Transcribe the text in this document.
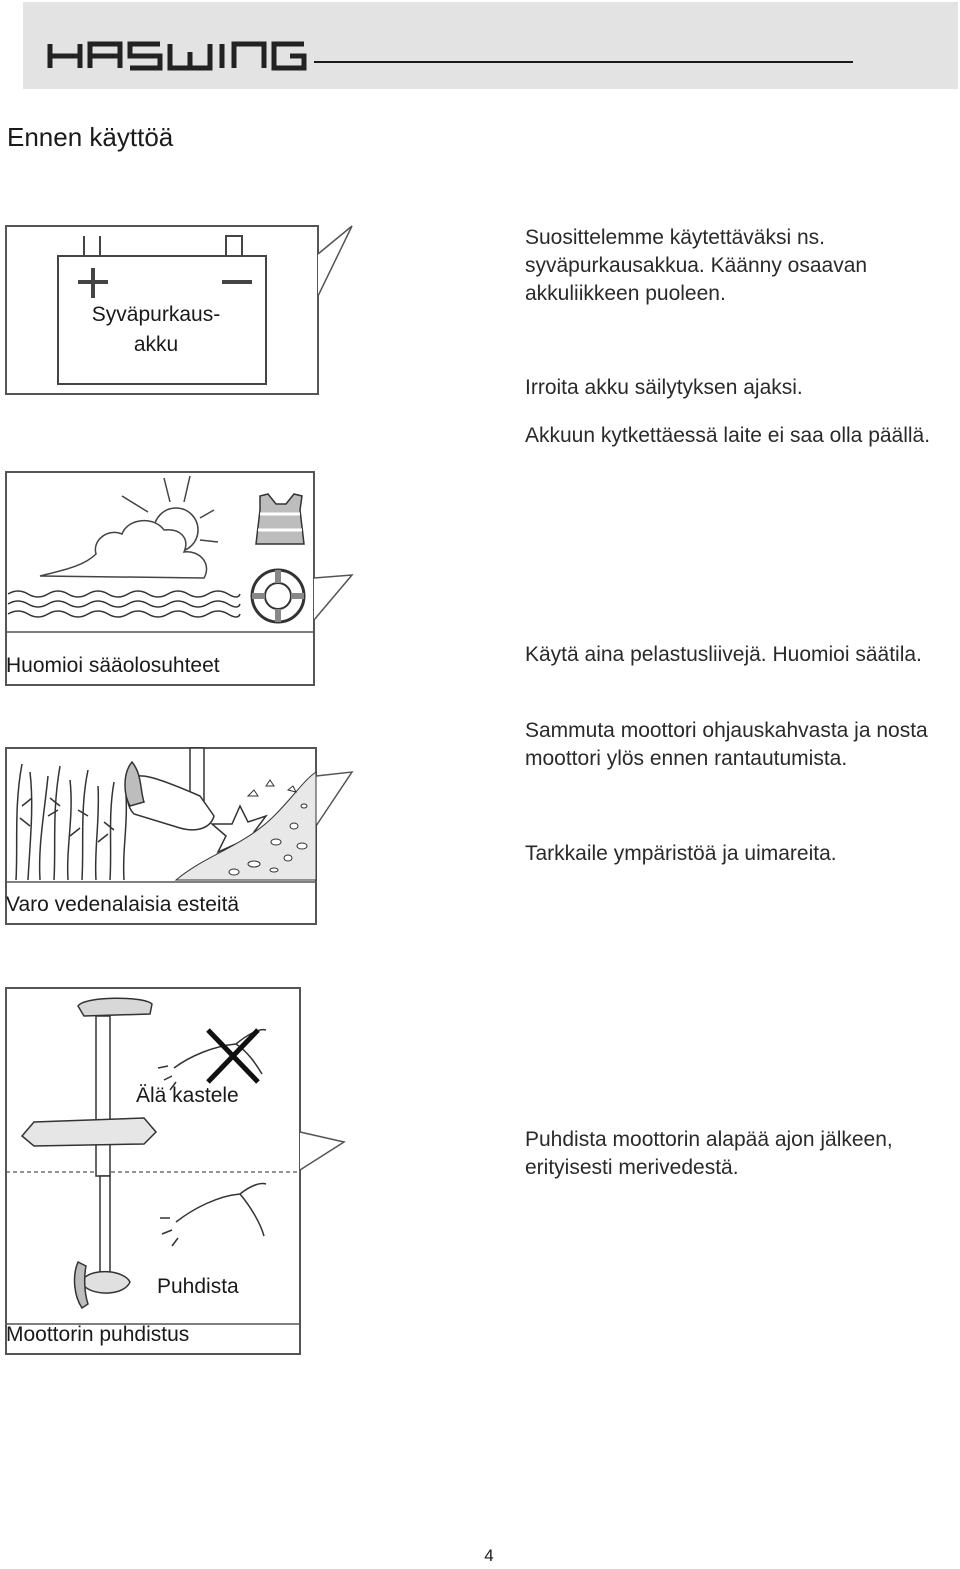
Ennen käyttöä
Syväpurkaus-akku
Suosittelemme käytettäväksi ns. syväpurkausakkua. Käänny osaavan akkuliikkeen puoleen.
Irroita akku säilytyksen ajaksi.
Akkuun kytkettäessä laite ei saa olla päällä.
Huomioi sääolosuhteet	Käytä aina pelastusliivejä. Huomioi säätila.
Sammuta moottori ohjauskahvasta ja nosta moottori ylös ennen rantautumista.
Varo vedenalaisia esteitä
Tarkkaile ympäristöä ja uimareita.
Älä kastele
Puhdista
Moottorin puhdistus
Puhdista moottorin alapää ajon jälkeen, erityisesti merivedestä.
4
